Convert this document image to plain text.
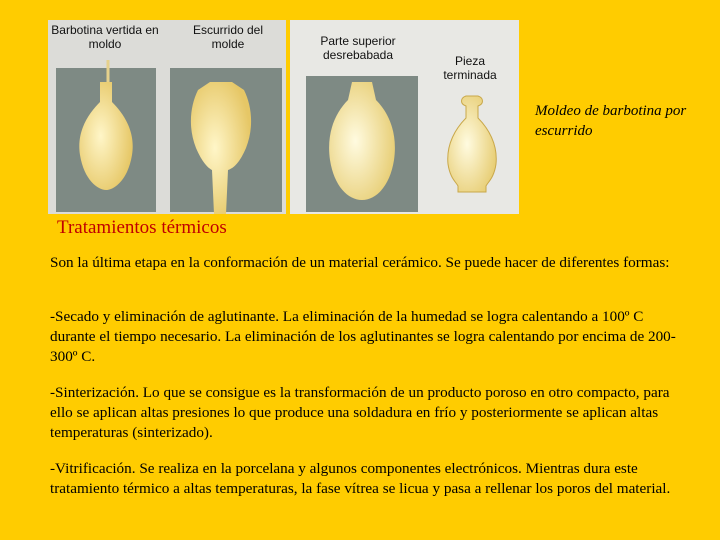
Barbotina vertida en moldo
Escurrido del molde	Parte superior desrebabada	Pieza terminada
Moldeo de barbotina por escurrido
Tratamientos térmicos

Son la última etapa en la conformación de un material cerámico. Se puede hacer de diferentes formas:

-Secado y eliminación de aglutinante. La eliminación de la humedad se logra calentando a 100º C durante el tiempo necesario. La eliminación de los aglutinantes se logra calentando por encima de 200-300º C.

-Sinterización. Lo que se consigue es la transformación de un producto poroso en otro compacto, para ello se aplican altas presiones lo que produce una soldadura en frío y posteriormente se aplican altas temperaturas (sinterizado).

-Vitrificación. Se realiza en la porcelana y algunos componentes electrónicos. Mientras dura este tratamiento térmico a altas temperaturas, la fase vítrea se licua y pasa a rellenar los poros del material.
